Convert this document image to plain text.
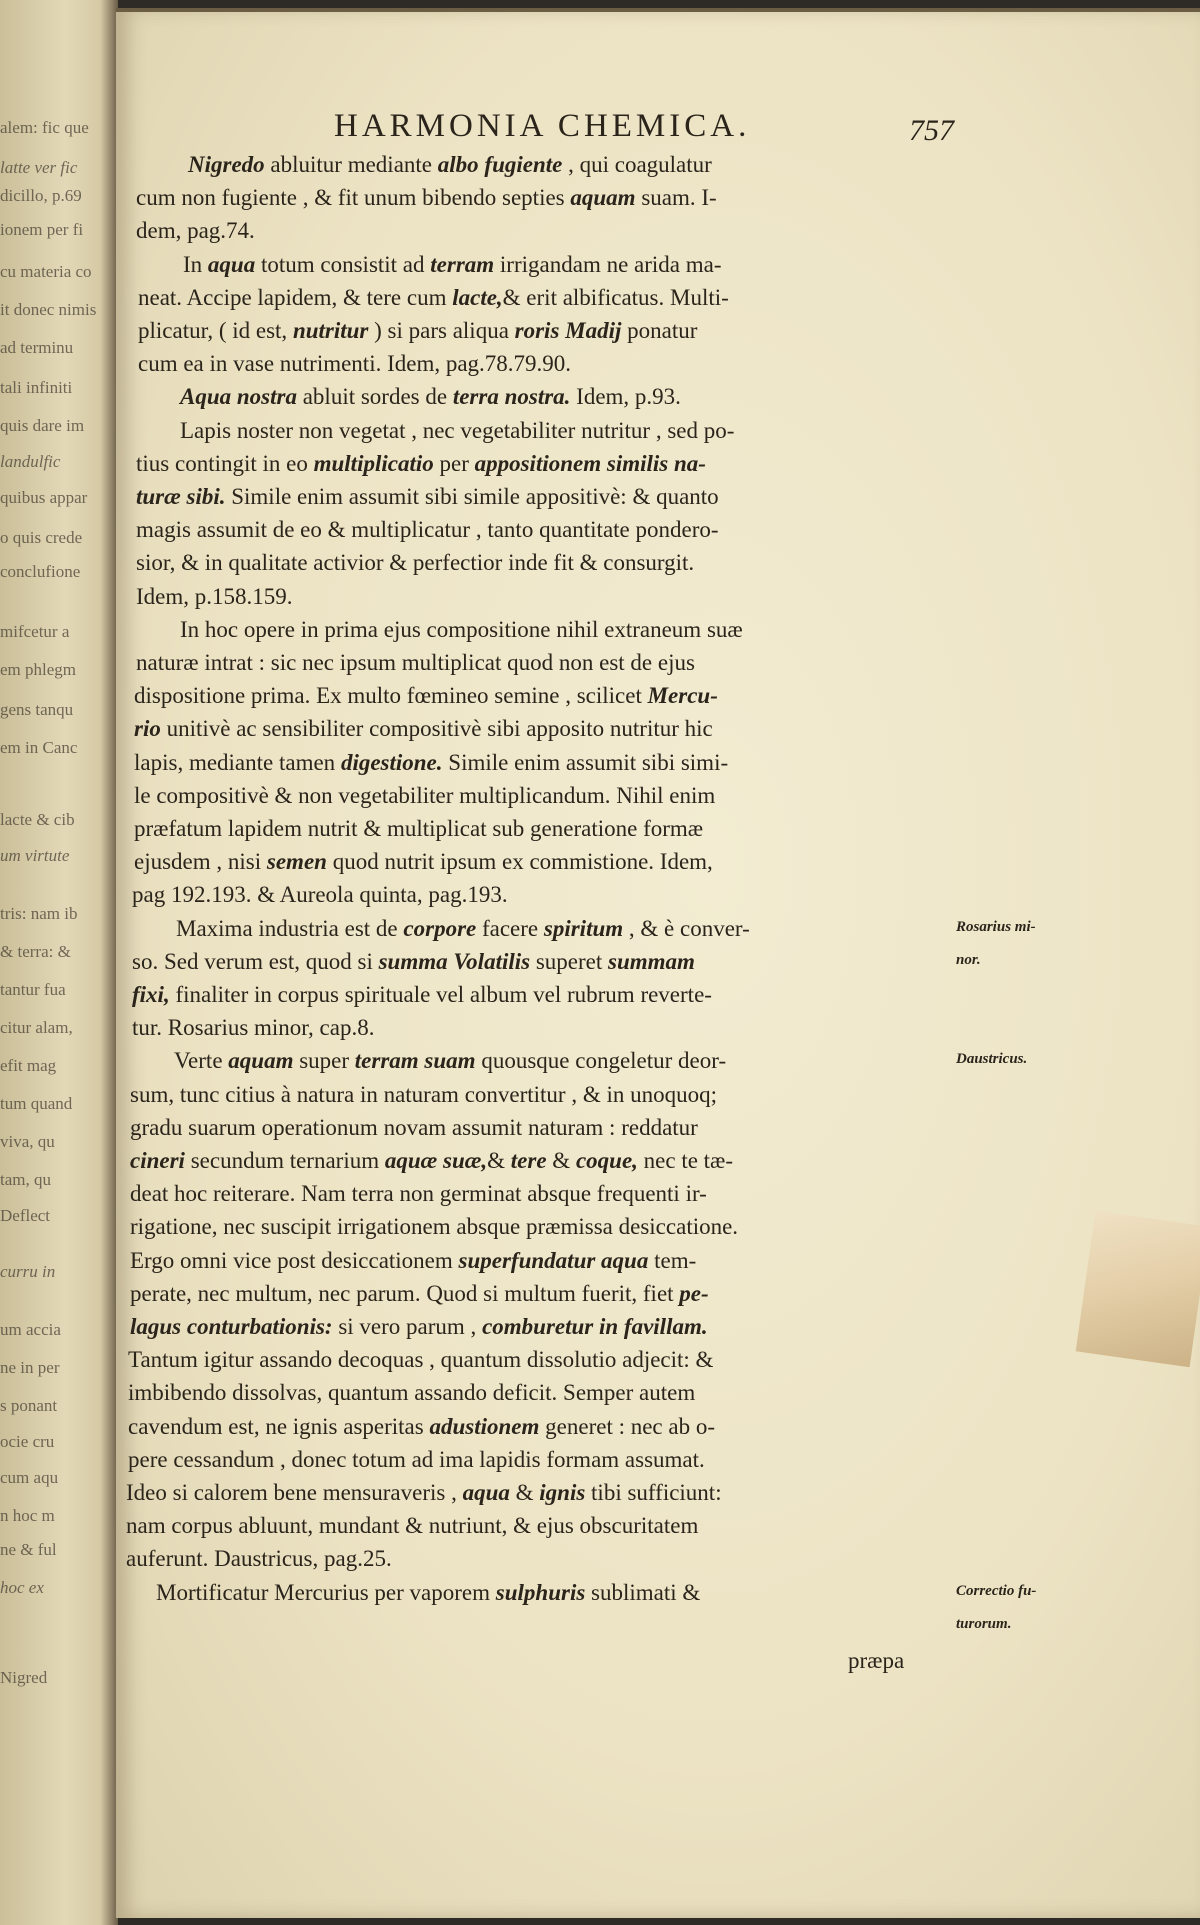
alem: fic que
latte ver fic
dicillo, p.69
ionem per fi
cu materia co
it donec nimis
ad terminu
tali infiniti
quis dare im
landulfic
quibus appar
o quis crede
conclufione
mifcetur a
em phlegm
gens tanqu
em in Canc
lacte & cib
um virtute
tris: nam ib
& terra: &
tantur fua
citur alam,
efit mag
tum quand
viva, qu
tam, qu
Deflect
curru in
um accia
ne in per
s ponant
ocie cru
cum aqu
n hoc m
ne & ful
hoc ex
Nigred
HARMONIA CHEMICA.	757
Nigredo abluitur mediante albo fugiente , qui coagulatur
cum non fugiente , & fit unum bibendo septies aquam suam. I-
dem, pag.74.
In aqua totum consistit ad terram irrigandam ne arida ma-
neat. Accipe lapidem, & tere cum lacte,& erit albificatus. Multi-
plicatur, ( id est, nutritur ) si pars aliqua roris Madij ponatur
cum ea in vase nutrimenti. Idem, pag.78.79.90.
Aqua nostra abluit sordes de terra nostra. Idem, p.93.
Lapis noster non vegetat , nec vegetabiliter nutritur , sed po-
tius contingit in eo multiplicatio per appositionem similis na-
turæ sibi. Simile enim assumit sibi simile appositivè: & quanto
magis assumit de eo & multiplicatur , tanto quantitate pondero-
sior, & in qualitate activior & perfectior inde fit & consurgit.
Idem, p.158.159.
In hoc opere in prima ejus compositione nihil extraneum suæ
naturæ intrat : sic nec ipsum multiplicat quod non est de ejus
dispositione prima. Ex multo fœmineo semine , scilicet Mercu-
rio unitivè ac sensibiliter compositivè sibi apposito nutritur hic
lapis, mediante tamen digestione. Simile enim assumit sibi simi-
le compositivè & non vegetabiliter multiplicandum. Nihil enim
præfatum lapidem nutrit & multiplicat sub generatione formæ
ejusdem , nisi semen quod nutrit ipsum ex commistione. Idem,
pag 192.193. & Aureola quinta, pag.193.
Maxima industria est de corpore facere spiritum , & è conver-
so. Sed verum est, quod si summa Volatilis superet summam
fixi, finaliter in corpus spirituale vel album vel rubrum reverte-
tur. Rosarius minor, cap.8.
Verte aquam super terram suam quousque congeletur deor-
sum, tunc citius à natura in naturam convertitur , & in unoquoq;
gradu suarum operationum novam assumit naturam : reddatur
cineri secundum ternarium aquæ suæ,& tere & coque, nec te tæ-
deat hoc reiterare. Nam terra non germinat absque frequenti ir-
rigatione, nec suscipit irrigationem absque præmissa desiccatione.
Ergo omni vice post desiccationem superfundatur aqua tem-
perate, nec multum, nec parum. Quod si multum fuerit, fiet pe-
lagus conturbationis: si vero parum , comburetur in favillam.
Tantum igitur assando decoquas , quantum dissolutio adjecit: &
imbibendo dissolvas, quantum assando deficit. Semper autem
cavendum est, ne ignis asperitas adustionem generet : nec ab o-
pere cessandum , donec totum ad ima lapidis formam assumat.
Ideo si calorem bene mensuraveris , aqua & ignis tibi sufficiunt:
nam corpus abluunt, mundant & nutriunt, & ejus obscuritatem
auferunt. Daustricus, pag.25.
Mortificatur Mercurius per vaporem sulphuris sublimati &
Rosarius mi-
nor.
Daustricus.
Correctio fu-
turorum.
præpa
